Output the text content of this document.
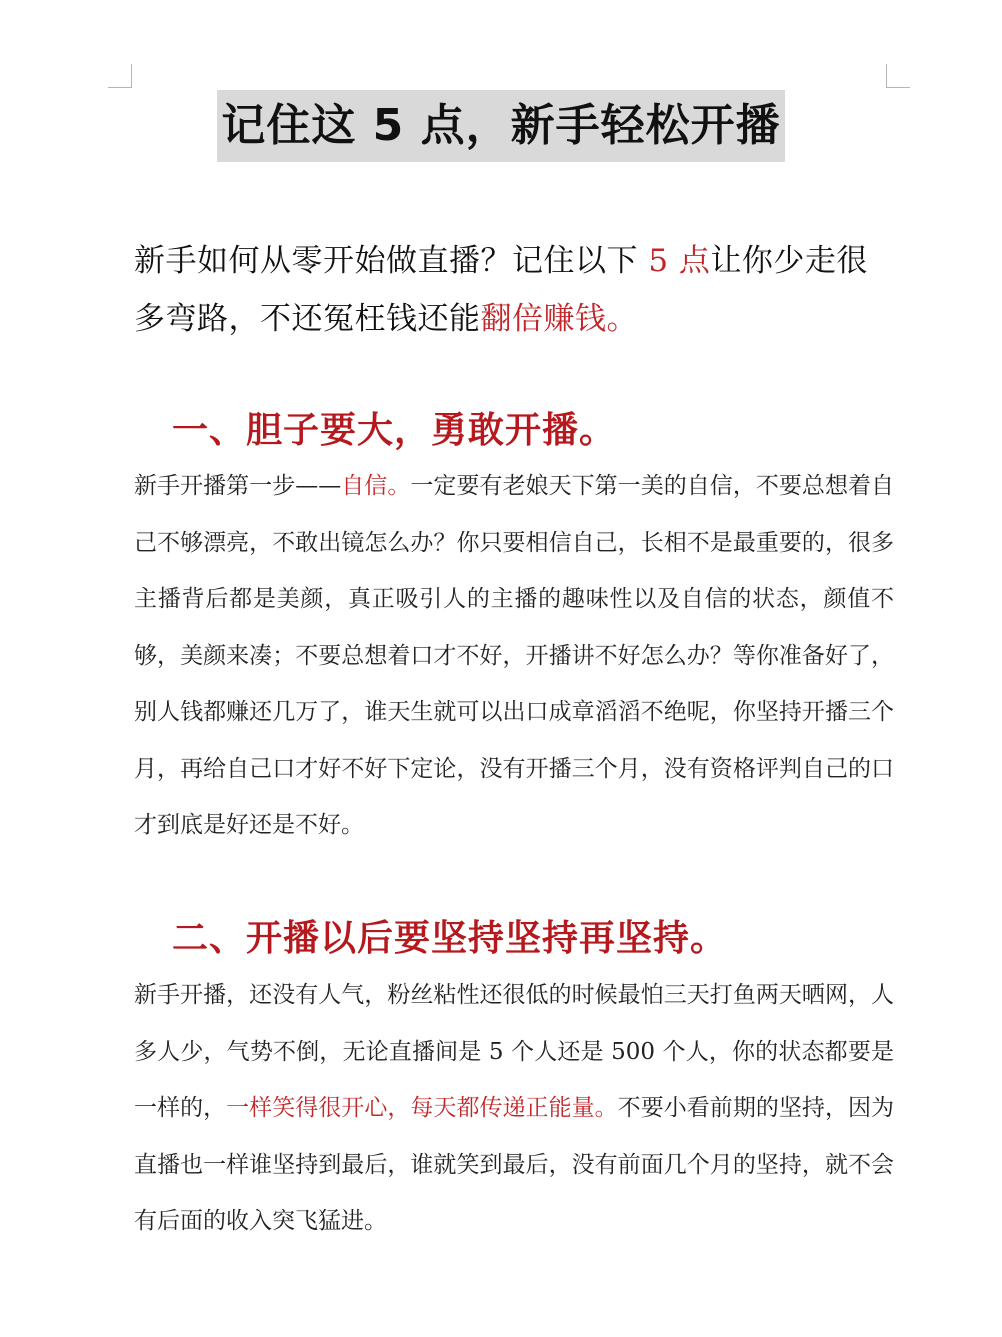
记住这 5 点，新手轻松开播

新手如何从零开始做直播？记住以下 5 点让你少走很多弯路，不还冤枉钱还能翻倍赚钱。

一、胆子要大，勇敢开播。

新手开播第一步——自信。一定要有老娘天下第一美的自信，不要总想着自己不够漂亮，不敢出镜怎么办？你只要相信自己，长相不是最重要的，很多主播背后都是美颜，真正吸引人的主播的趣味性以及自信的状态，颜值不够，美颜来凑；不要总想着口才不好，开播讲不好怎么办？等你准备好了，别人钱都赚还几万了，谁天生就可以出口成章滔滔不绝呢，你坚持开播三个月，再给自己口才好不好下定论，没有开播三个月，没有资格评判自己的口才到底是好还是不好。

二、开播以后要坚持坚持再坚持。

新手开播，还没有人气，粉丝粘性还很低的时候最怕三天打鱼两天晒网，人多人少，气势不倒，无论直播间是 5 个人还是 500 个人，你的状态都要是一样的，一样笑得很开心，每天都传递正能量。不要小看前期的坚持，因为直播也一样谁坚持到最后，谁就笑到最后，没有前面几个月的坚持，就不会有后面的收入突飞猛进。
